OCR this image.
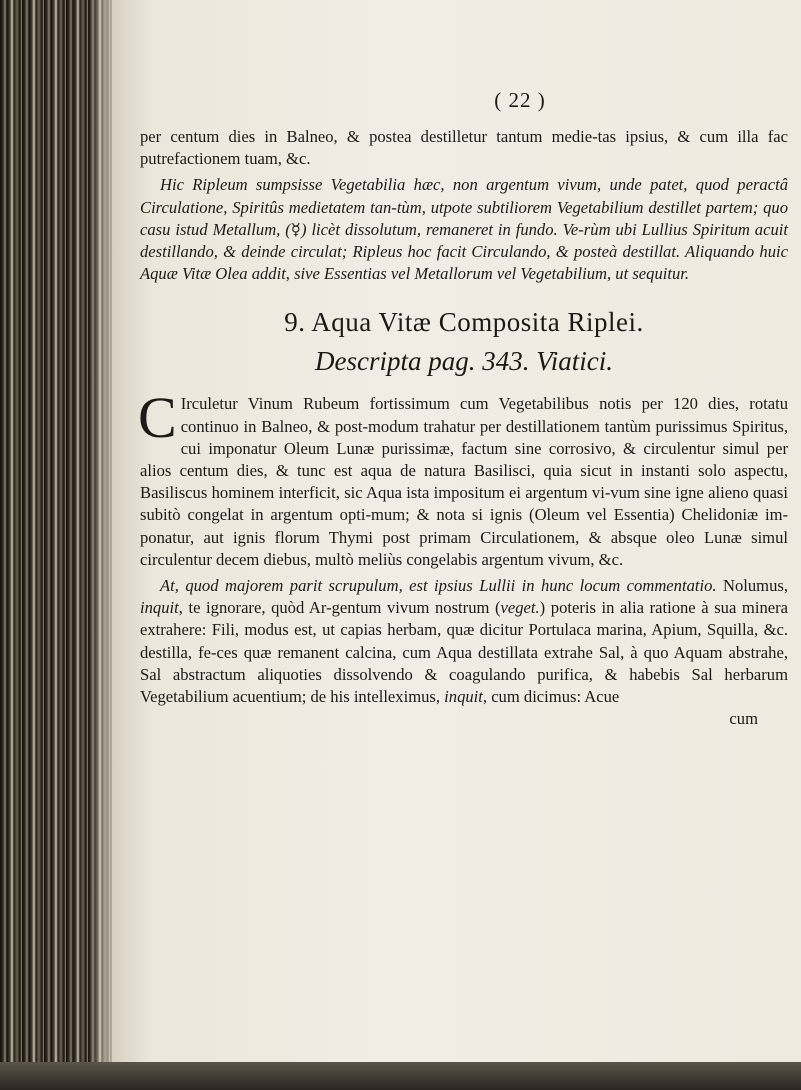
( 22 )

per centum dies in Balneo, & postea destilletur tantum medie-tas ipsius, & cum illa fac putrefactionem tuam, &c.

Hic Ripleum sumpsisse Vegetabilia hæc, non argentum vivum, unde patet, quod peractâ Circulatione, Spiritûs medietatem tan-tùm, utpote subtiliorem Vegetabilium destillet partem; quo casu istud Metallum, (☿) licèt dissolutum, remaneret in fundo. Ve-rùm ubi Lullius Spiritum acuit destillando, & deinde circulat; Ripleus hoc facit Circulando, & posteà destillat. Aliquando huic Aquæ Vitæ Olea addit, sive Essentias vel Metallorum vel Vegetabilium, ut sequitur.

9. Aqua Vitæ Composita Riplei.
Descripta pag. 343. Viatici.

C Irculetur Vinum Rubeum fortissimum cum Vegetabilibus notis per 120 dies, rotatu continuo in Balneo, & post-modum trahatur per destillationem tantùm purissimus Spiritus, cui imponatur Oleum Lunæ purissimæ, factum sine corrosivo, & circulentur simul per alios centum dies, & tunc est aqua de natura Basilisci, quia sicut in instanti solo aspectu, Basiliscus hominem interficit, sic Aqua ista impositum ei argentum vi-vum sine igne alieno quasi subitò congelat in argentum opti-mum; & nota si ignis (Oleum vel Essentia) Chelidoniæ im-ponatur, aut ignis florum Thymi post primam Circulationem, & absque oleo Lunæ simul circulentur decem diebus, multò meliùs congelabis argentum vivum, &c.

At, quod majorem parit scrupulum, est ipsius Lullii in hunc locum commentatio. Nolumus, inquit, te ignorare, quòd Ar-gentum vivum nostrum (veget.) poteris in alia ratione à sua minera extrahere: Fili, modus est, ut capias herbam, quæ dicitur Portulaca marina, Apium, Squilla, &c. destilla, fe-ces quæ remanent calcina, cum Aqua destillata extrahe Sal, à quo Aquam abstrahe, Sal abstractum aliquoties dissolvendo & coagulando purifica, & habebis Sal herbarum Vegetabilium acuentium; de his intelleximus, inquit, cum dicimus: Acue

cum
